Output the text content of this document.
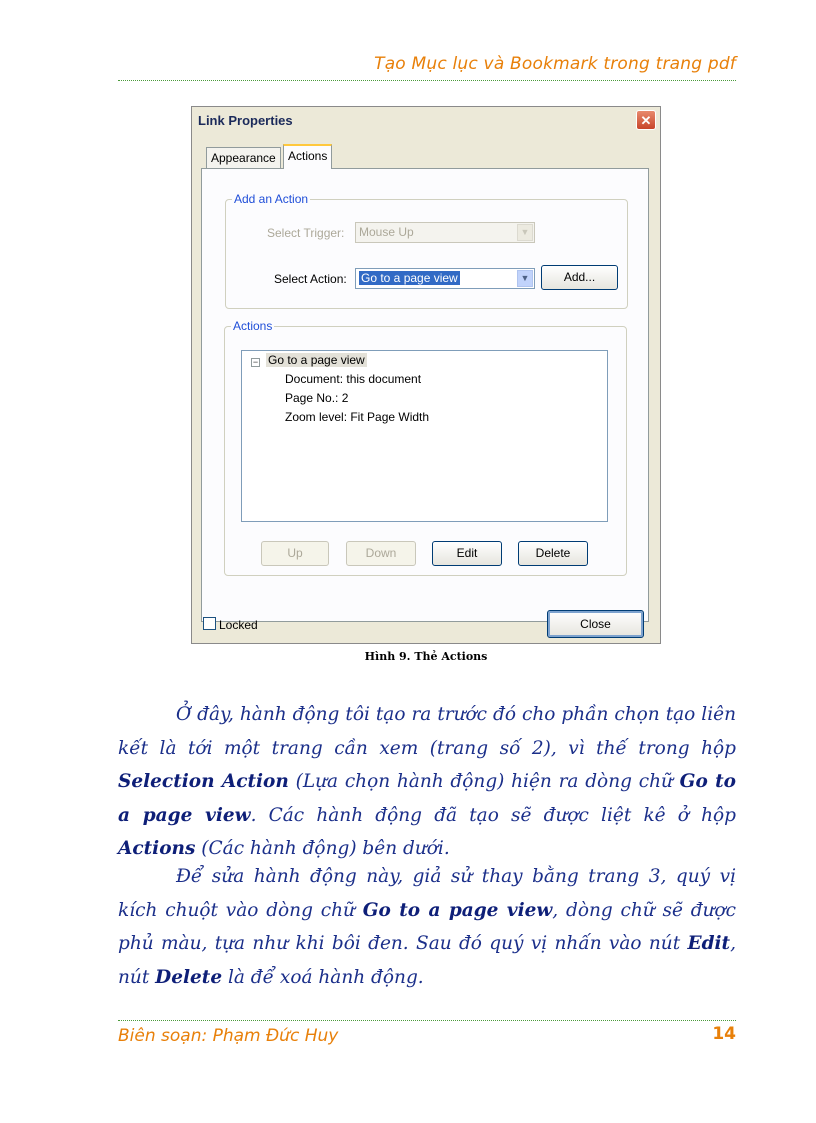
Tạo Mục lục và Bookmark trong trang pdf
Link Properties	✕
Appearance	Actions
Add an Action
Select Trigger:	Mouse Up	▼
Select Action:	Go to a page view	▼	Add...
Actions
− Go to a page view
Document: this document
Page No.: 2
Zoom level: Fit Page Width
Up	Down	Edit	Delete
Locked	Close
Hình 9. Thẻ Actions

Ở đây, hành động tôi tạo ra trước đó cho phần chọn tạo liên kết là tới một trang cần xem (trang số 2), vì thế trong hộp Selection Action (Lựa chọn hành động) hiện ra dòng chữ Go to a page view. Các hành động đã tạo sẽ được liệt kê ở hộp Actions (Các hành động) bên dưới.

Để sửa hành động này, giả sử thay bằng trang 3, quý vị kích chuột vào dòng chữ Go to a page view, dòng chữ sẽ được phủ màu, tựa như khi bôi đen. Sau đó quý vị nhấn vào nút Edit, nút Delete là để xoá hành động.

Biên soạn: Phạm Đức Huy	14
